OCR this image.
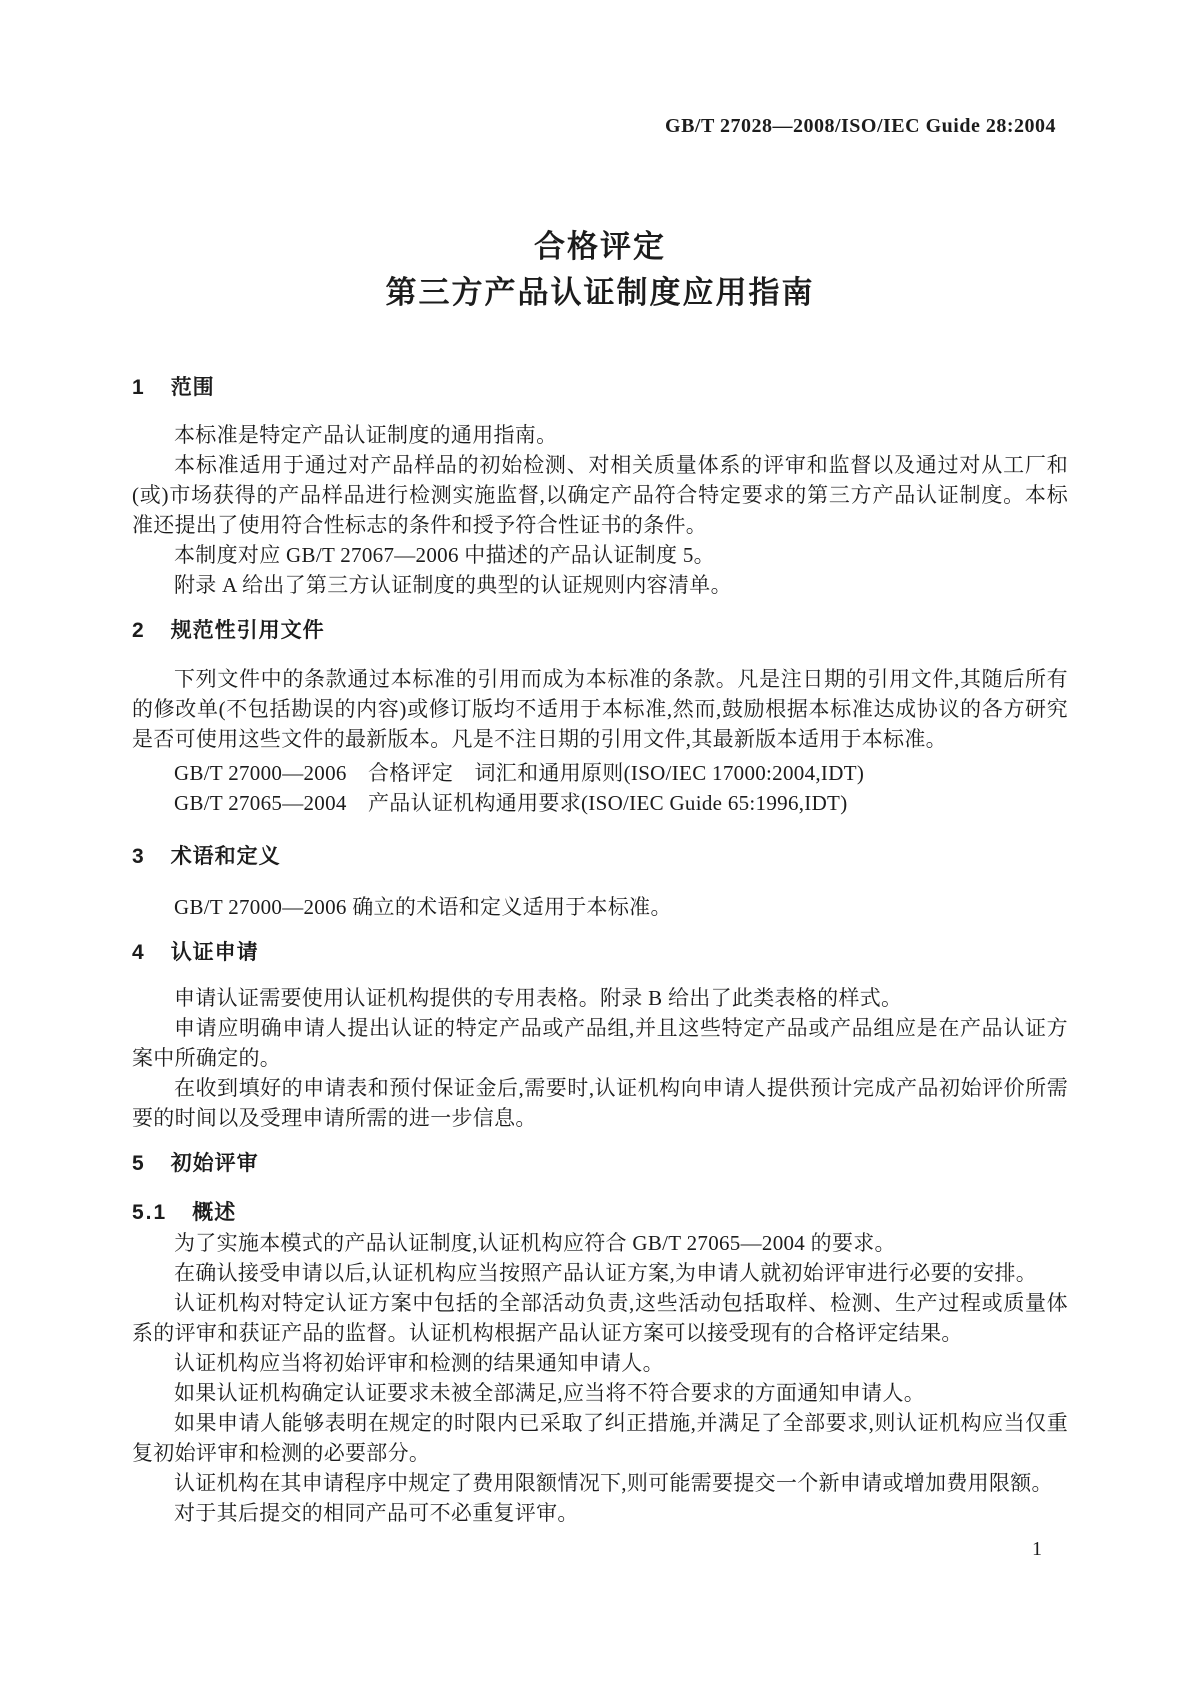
GB/T 27028—2008/ISO/IEC Guide 28:2004
合格评定
第三方产品认证制度应用指南
1 范围

本标准是特定产品认证制度的通用指南。

本标准适用于通过对产品样品的初始检测、对相关质量体系的评审和监督以及通过对从工厂和(或)市场获得的产品样品进行检测实施监督,以确定产品符合特定要求的第三方产品认证制度。本标准还提出了使用符合性标志的条件和授予符合性证书的条件。

本制度对应 GB/T 27067—2006 中描述的产品认证制度 5。

附录 A 给出了第三方认证制度的典型的认证规则内容清单。

2 规范性引用文件

下列文件中的条款通过本标准的引用而成为本标准的条款。凡是注日期的引用文件,其随后所有的修改单(不包括勘误的内容)或修订版均不适用于本标准,然而,鼓励根据本标准达成协议的各方研究是否可使用这些文件的最新版本。凡是不注日期的引用文件,其最新版本适用于本标准。

GB/T 27000—2006　合格评定　词汇和通用原则(ISO/IEC 17000:2004,IDT)

GB/T 27065—2004　产品认证机构通用要求(ISO/IEC Guide 65:1996,IDT)

3 术语和定义

GB/T 27000—2006 确立的术语和定义适用于本标准。

4 认证申请

申请认证需要使用认证机构提供的专用表格。附录 B 给出了此类表格的样式。

申请应明确申请人提出认证的特定产品或产品组,并且这些特定产品或产品组应是在产品认证方案中所确定的。

在收到填好的申请表和预付保证金后,需要时,认证机构向申请人提供预计完成产品初始评价所需要的时间以及受理申请所需的进一步信息。

5 初始评审
5.1 概述

为了实施本模式的产品认证制度,认证机构应符合 GB/T 27065—2004 的要求。

在确认接受申请以后,认证机构应当按照产品认证方案,为申请人就初始评审进行必要的安排。

认证机构对特定认证方案中包括的全部活动负责,这些活动包括取样、检测、生产过程或质量体系的评审和获证产品的监督。认证机构根据产品认证方案可以接受现有的合格评定结果。

认证机构应当将初始评审和检测的结果通知申请人。

如果认证机构确定认证要求未被全部满足,应当将不符合要求的方面通知申请人。

如果申请人能够表明在规定的时限内已采取了纠正措施,并满足了全部要求,则认证机构应当仅重复初始评审和检测的必要部分。

认证机构在其申请程序中规定了费用限额情况下,则可能需要提交一个新申请或增加费用限额。

对于其后提交的相同产品可不必重复评审。

1
